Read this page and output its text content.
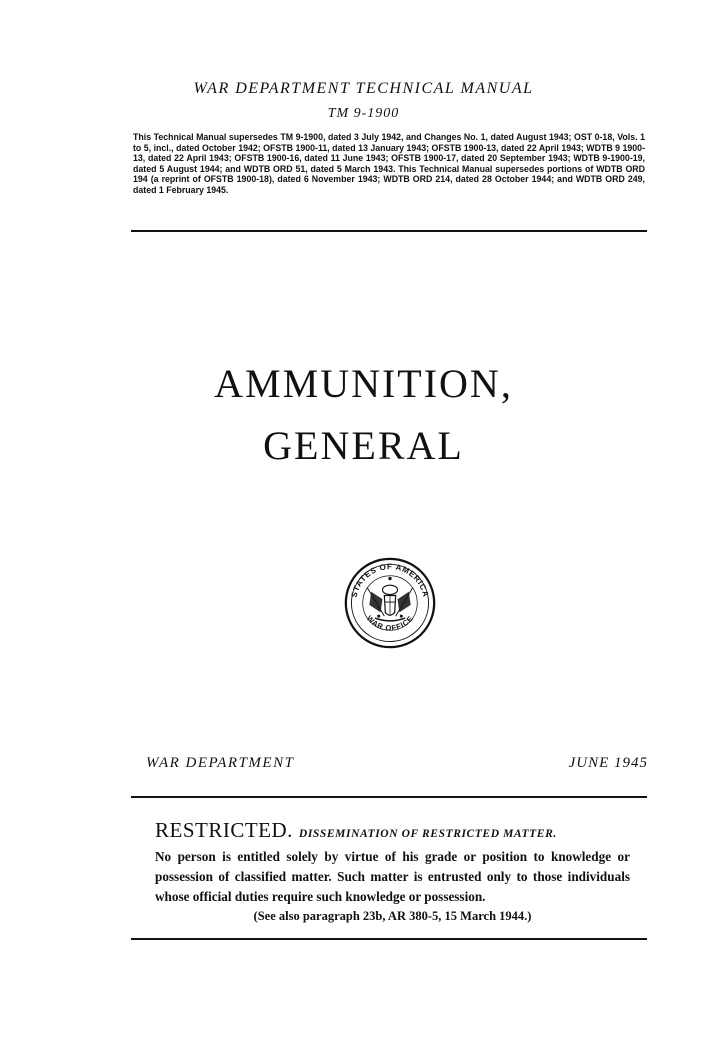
WAR DEPARTMENT TECHNICAL MANUAL
TM 9-1900
This Technical Manual supersedes TM 9-1900, dated 3 July 1942, and Changes No. 1, dated August 1943; OST 0-18, Vols. 1 to 5, incl., dated October 1942; OFSTB 1900-11, dated 13 January 1943; OFSTB 1900-13, dated 22 April 1943; WDTB 9 1900-13, dated 22 April 1943; OFSTB 1900-16, dated 11 June 1943; OFSTB 1900-17, dated 20 September 1943; WDTB 9-1900-19, dated 5 August 1944; and WDTB ORD 51, dated 5 March 1943. This Technical Manual supersedes portions of WDTB ORD 194 (a reprint of OFSTB 1900-18), dated 6 November 1943; WDTB ORD 214, dated 28 October 1944; and WDTB ORD 249, dated 1 February 1945.
AMMUNITION,
GENERAL
STATES OF AMERICA
WAR OFFICE
WAR DEPARTMENT	JUNE 1945
RESTRICTED. DISSEMINATION OF RESTRICTED MATTER.
No person is entitled solely by virtue of his grade or position to knowledge or possession of classified matter. Such matter is entrusted only to those individuals whose official duties require such knowledge or possession.
(See also paragraph 23b, AR 380-5, 15 March 1944.)
